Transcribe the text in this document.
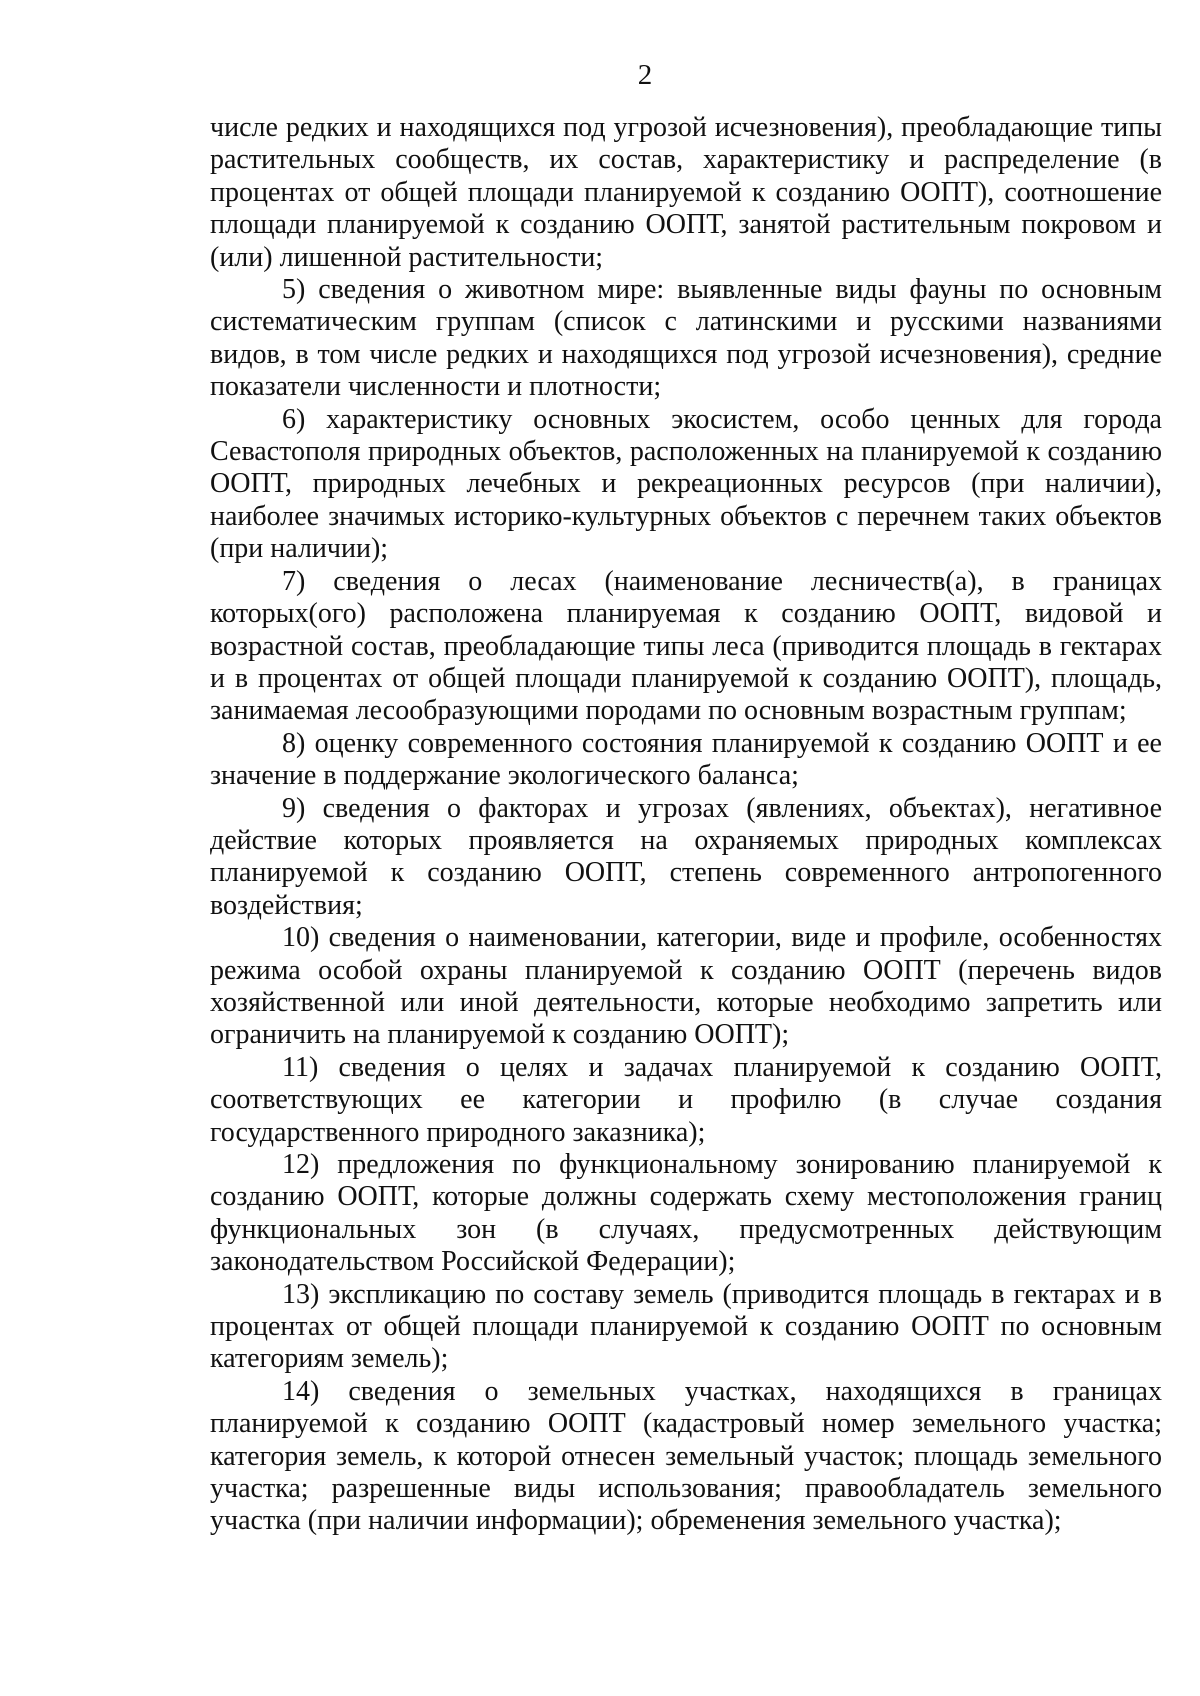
2

числе редких и находящихся под угрозой исчезновения), преобладающие типы растительных сообществ, их состав, характеристику и распределение (в процентах от общей площади планируемой к созданию ООПТ), соотношение площади планируемой к созданию ООПТ, занятой растительным покровом и (или) лишенной растительности;

5) сведения о животном мире: выявленные виды фауны по основным систематическим группам (список с латинскими и русскими названиями видов, в том числе редких и находящихся под угрозой исчезновения), средние показатели численности и плотности;

6) характеристику основных экосистем, особо ценных для города Севастополя природных объектов, расположенных на планируемой к созданию ООПТ, природных лечебных и рекреационных ресурсов (при наличии), наиболее значимых историко-культурных объектов с перечнем таких объектов (при наличии);

7) сведения о лесах (наименование лесничеств(а), в границах которых(ого) расположена планируемая к созданию ООПТ, видовой и возрастной состав, преобладающие типы леса (приводится площадь в гектарах и в процентах от общей площади планируемой к созданию ООПТ), площадь, занимаемая лесообразующими породами по основным возрастным группам;

8) оценку современного состояния планируемой к созданию ООПТ и ее значение в поддержание экологического баланса;

9) сведения о факторах и угрозах (явлениях, объектах), негативное действие которых проявляется на охраняемых природных комплексах планируемой к созданию ООПТ, степень современного антропогенного воздействия;

10) сведения о наименовании, категории, виде и профиле, особенностях режима особой охраны планируемой к созданию ООПТ (перечень видов хозяйственной или иной деятельности, которые необходимо запретить или ограничить на планируемой к созданию ООПТ);

11) сведения о целях и задачах планируемой к созданию ООПТ, соответствующих ее категории и профилю (в случае создания государственного природного заказника);

12) предложения по функциональному зонированию планируемой к созданию ООПТ, которые должны содержать схему местоположения границ функциональных зон (в случаях, предусмотренных действующим законодательством Российской Федерации);

13) экспликацию по составу земель (приводится площадь в гектарах и в процентах от общей площади планируемой к созданию ООПТ по основным категориям земель);

14) сведения о земельных участках, находящихся в границах планируемой к созданию ООПТ (кадастровый номер земельного участка; категория земель, к которой отнесен земельный участок; площадь земельного участка; разрешенные виды использования; правообладатель земельного участка (при наличии информации); обременения земельного участка);
